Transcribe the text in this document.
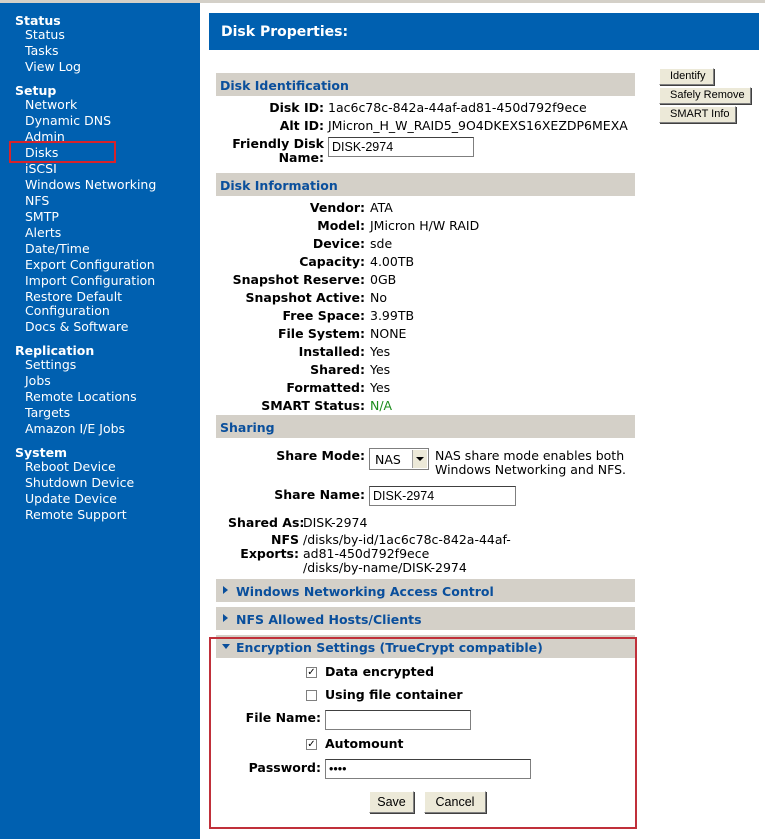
Status
Status
Tasks
View Log
Setup
Network
Dynamic DNS
Admin
Disks
iSCSI
Windows Networking
NFS
SMTP
Alerts
Date/Time
Export Configuration
Import Configuration
Restore Default
Configuration
Docs & Software
Replication
Settings
Jobs
Remote Locations
Targets
Amazon I/E Jobs
System
Reboot Device
Shutdown Device
Update Device
Remote Support
Disk Properties:
Identify
Safely Remove
SMART Info
Disk Identification
Disk ID: 1ac6c78c-842a-44af-ad81-450d792f9ece
Alt ID: JMicron_H_W_RAID5_9O4DKEXS16XEZDP6MEXA
Friendly Disk
Name:
DISK-2974
Disk Information
Vendor: ATA
Model: JMicron H/W RAID
Device: sde
Capacity: 4.00TB
Snapshot Reserve: 0GB
Snapshot Active: No
Free Space: 3.99TB
File System: NONE
Installed: Yes
Shared: Yes
Formatted: Yes
SMART Status: N/A
Sharing
Share Mode: NAS	NAS share mode enables both
Windows Networking and NFS.
Share Name:
DISK-2974
Shared As:
DISK-2974
NFS
Exports:
/disks/by-id/1ac6c78c-842a-44af-
ad81-450d792f9ece
/disks/by-name/DISK-2974
Windows Networking Access Control
NFS Allowed Hosts/Clients
Encryption Settings (TrueCrypt compatible)
✓ Data encrypted
Using file container
File Name:
✓ Automount
Password:
Save	Cancel
